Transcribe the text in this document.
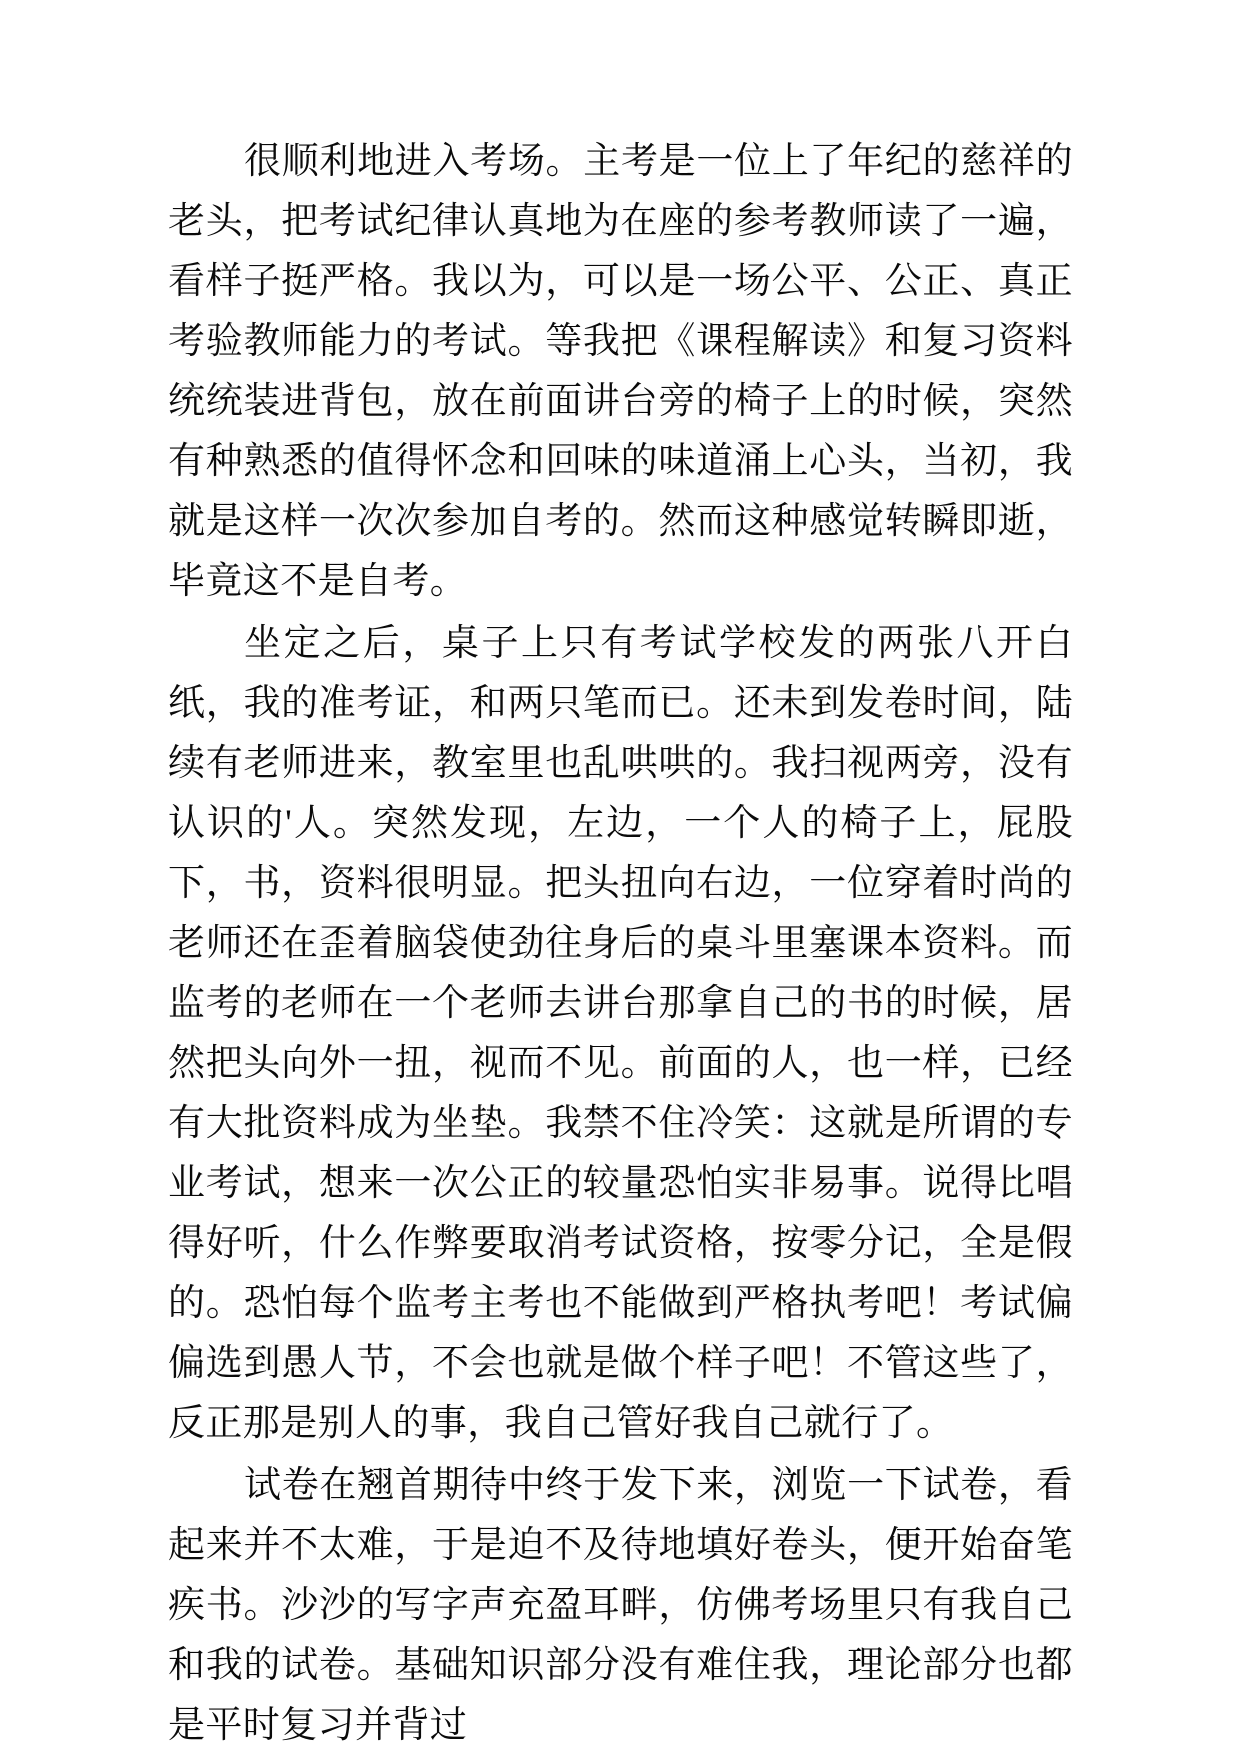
很顺利地进入考场。主考是一位上了年纪的慈祥的老头，把考试纪律认真地为在座的参考教师读了一遍，看样子挺严格。我以为，可以是一场公平、公正、真正考验教师能力的考试。等我把《课程解读》和复习资料统统装进背包，放在前面讲台旁的椅子上的时候，突然有种熟悉的值得怀念和回味的味道涌上心头，当初，我就是这样一次次参加自考的。然而这种感觉转瞬即逝，毕竟这不是自考。

坐定之后，桌子上只有考试学校发的两张八开白纸，我的准考证，和两只笔而已。还未到发卷时间，陆续有老师进来，教室里也乱哄哄的。我扫视两旁，没有认识的'人。突然发现，左边，一个人的椅子上，屁股下，书，资料很明显。把头扭向右边，一位穿着时尚的老师还在歪着脑袋使劲往身后的桌斗里塞课本资料。而监考的老师在一个老师去讲台那拿自己的书的时候，居然把头向外一扭，视而不见。前面的人，也一样，已经有大批资料成为坐垫。我禁不住冷笑：这就是所谓的专业考试，想来一次公正的较量恐怕实非易事。说得比唱得好听，什么作弊要取消考试资格，按零分记，全是假的。恐怕每个监考主考也不能做到严格执考吧！考试偏偏选到愚人节，不会也就是做个样子吧！不管这些了，反正那是别人的事，我自己管好我自己就行了。

试卷在翘首期待中终于发下来，浏览一下试卷，看起来并不太难，于是迫不及待地填好卷头，便开始奋笔疾书。沙沙的写字声充盈耳畔，仿佛考场里只有我自己和我的试卷。基础知识部分没有难住我，理论部分也都是平时复习并背过
